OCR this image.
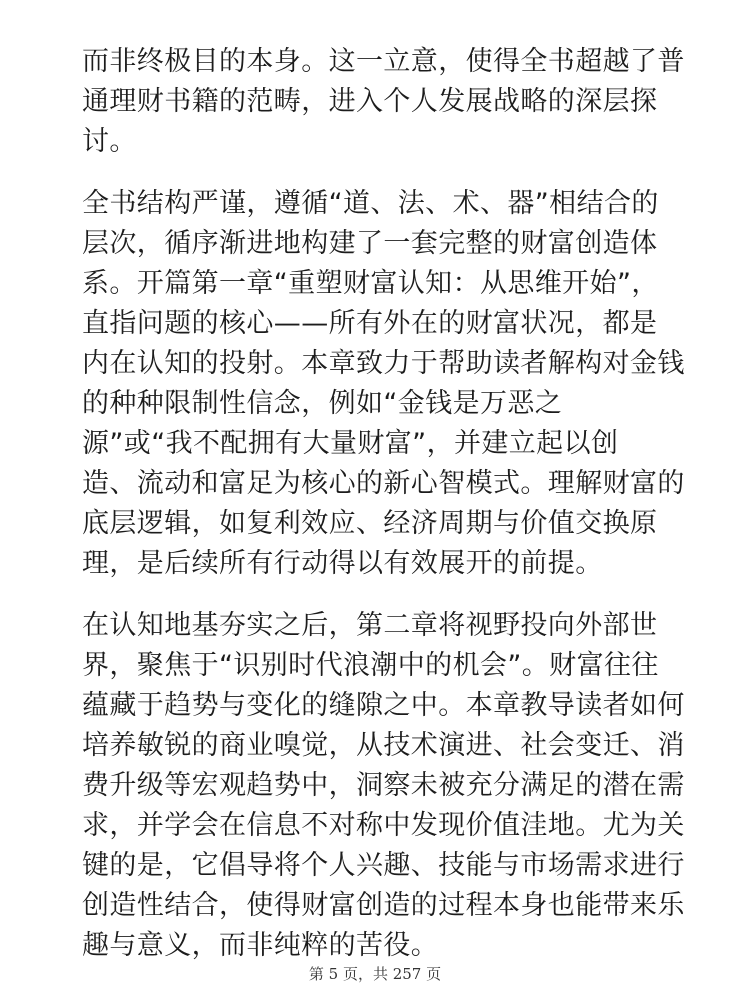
而非终极目的本身。这一立意，使得全书超越了普
通理财书籍的范畴，进入个人发展战略的深层探
讨。

全书结构严谨，遵循“道、法、术、器”相结合的
层次，循序渐进地构建了一套完整的财富创造体
系。开篇第一章“重塑财富认知：从思维开始”，
直指问题的核心——所有外在的财富状况，都是
内在认知的投射。本章致力于帮助读者解构对金钱
的种种限制性信念，例如“金钱是万恶之
源”或“我不配拥有大量财富”，并建立起以创
造、流动和富足为核心的新心智模式。理解财富的
底层逻辑，如复利效应、经济周期与价值交换原
理，是后续所有行动得以有效展开的前提。

在认知地基夯实之后，第二章将视野投向外部世
界，聚焦于“识别时代浪潮中的机会”。财富往往
蕴藏于趋势与变化的缝隙之中。本章教导读者如何
培养敏锐的商业嗅觉，从技术演进、社会变迁、消
费升级等宏观趋势中，洞察未被充分满足的潜在需
求，并学会在信息不对称中发现价值洼地。尤为关
键的是，它倡导将个人兴趣、技能与市场需求进行
创造性结合，使得财富创造的过程本身也能带来乐
趣与意义，而非纯粹的苦役。

第 5 页，共 257 页
